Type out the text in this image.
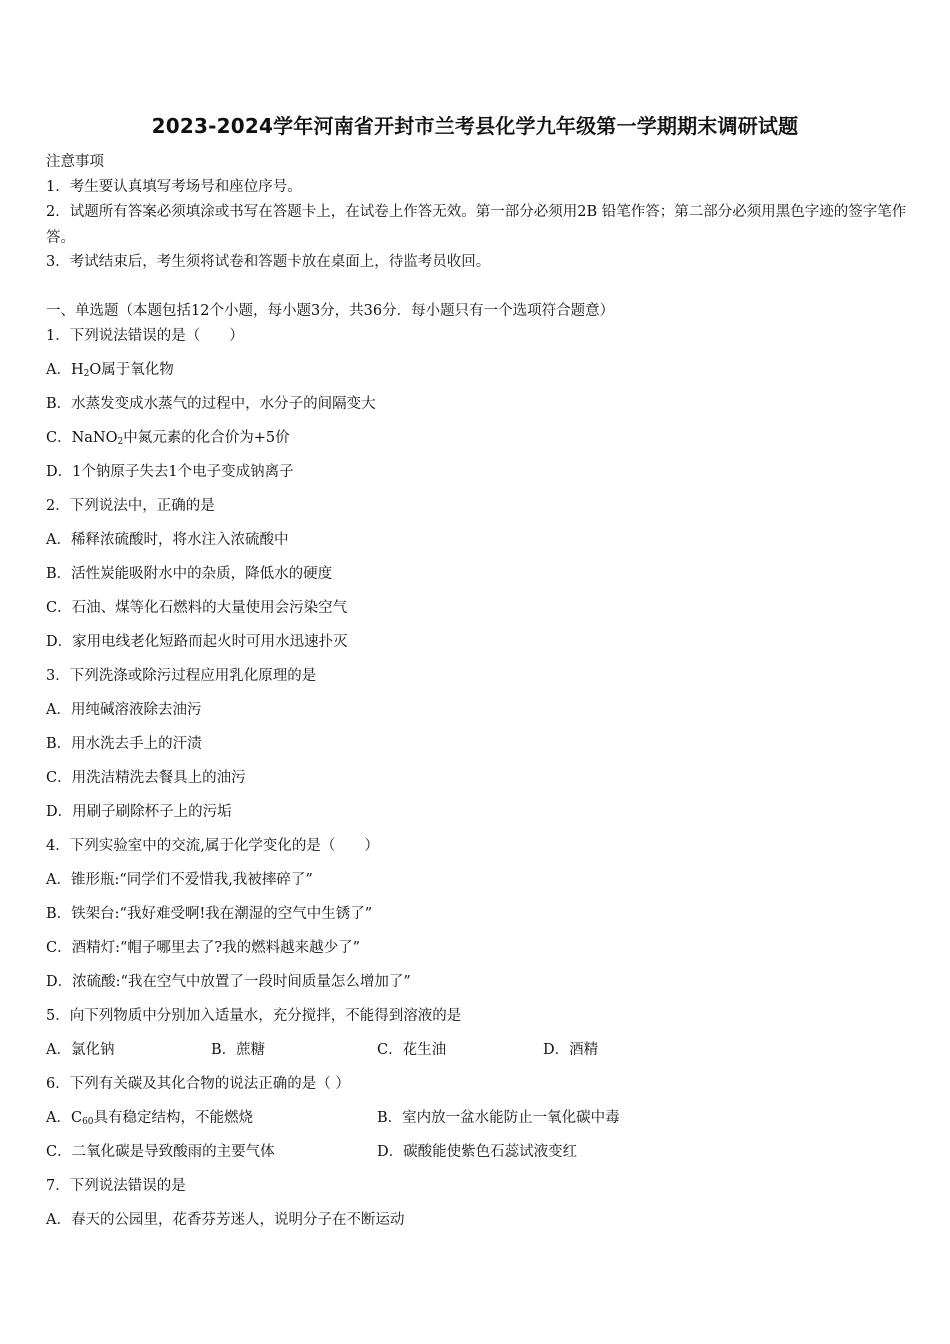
2023-2024学年河南省开封市兰考县化学九年级第一学期期末调研试题
注意事项
1．考生要认真填写考场号和座位序号。
2．试题所有答案必须填涂或书写在答题卡上，在试卷上作答无效。第一部分必须用2B 铅笔作答；第二部分必须用黑色字迹的签字笔作答。
3．考试结束后，考生须将试卷和答题卡放在桌面上，待监考员收回。
一、单选题（本题包括12个小题，每小题3分，共36分．每小题只有一个选项符合题意）
1．下列说法错误的是（　　）
A．$H_2O$属于氧化物
B．水蒸发变成水蒸气的过程中，水分子的间隔变大
C．NaNO$_2$中氮元素的化合价为+5价
D．1个钠原子失去1个电子变成钠离子
2．下列说法中，正确的是
A．稀释浓硫酸时，将水注入浓硫酸中
B．活性炭能吸附水中的杂质，降低水的硬度
C．石油、煤等化石燃料的大量使用会污染空气
D．家用电线老化短路而起火时可用水迅速扑灭
3．下列洗涤或除污过程应用乳化原理的是
A．用纯碱溶液除去油污
B．用水洗去手上的汗渍
C．用洗洁精洗去餐具上的油污
D．用刷子刷除杯子上的污垢
4．下列实验室中的交流,属于化学变化的是（　　）
A．锥形瓶:“同学们不爱惜我,我被摔碎了”
B．铁架台:“我好难受啊!我在潮湿的空气中生锈了”
C．酒精灯:“帽子哪里去了?我的燃料越来越少了”
D．浓硫酸:“我在空气中放置了一段时间质量怎么增加了”
5．向下列物质中分别加入适量水，充分搅拌，不能得到溶液的是
A．氯化钠	B．蔗糖	C．花生油	D．酒精
6．下列有关碳及其化合物的说法正确的是（ ）
A．$C_{60}$具有稳定结构，不能燃烧	B．室内放一盆水能防止一氧化碳中毒
C．二氧化碳是导致酸雨的主要气体	D．碳酸能使紫色石蕊试液变红
7．下列说法错误的是
A．春天的公园里，花香芬芳迷人，说明分子在不断运动
